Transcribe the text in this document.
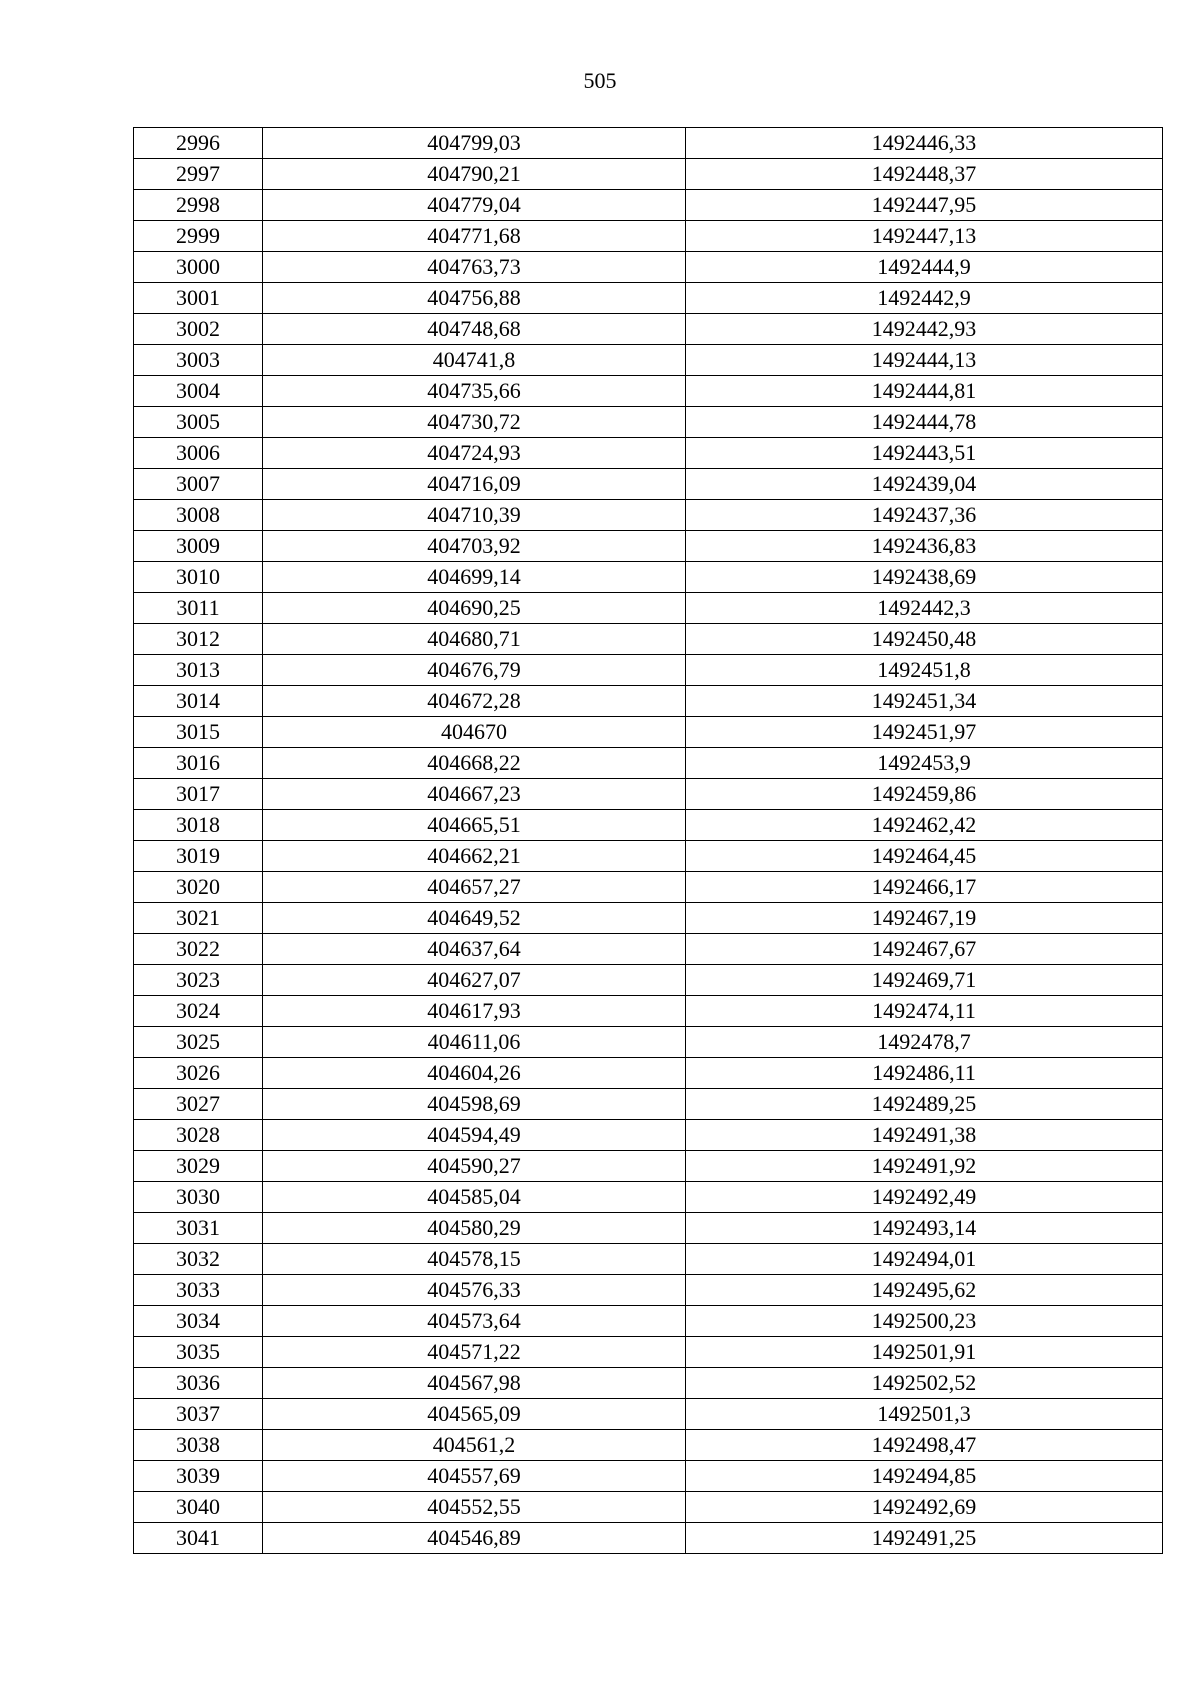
505
2996	404799,03	1492446,33
2997	404790,21	1492448,37
2998	404779,04	1492447,95
2999	404771,68	1492447,13
3000	404763,73	1492444,9
3001	404756,88	1492442,9
3002	404748,68	1492442,93
3003	404741,8	1492444,13
3004	404735,66	1492444,81
3005	404730,72	1492444,78
3006	404724,93	1492443,51
3007	404716,09	1492439,04
3008	404710,39	1492437,36
3009	404703,92	1492436,83
3010	404699,14	1492438,69
3011	404690,25	1492442,3
3012	404680,71	1492450,48
3013	404676,79	1492451,8
3014	404672,28	1492451,34
3015	404670	1492451,97
3016	404668,22	1492453,9
3017	404667,23	1492459,86
3018	404665,51	1492462,42
3019	404662,21	1492464,45
3020	404657,27	1492466,17
3021	404649,52	1492467,19
3022	404637,64	1492467,67
3023	404627,07	1492469,71
3024	404617,93	1492474,11
3025	404611,06	1492478,7
3026	404604,26	1492486,11
3027	404598,69	1492489,25
3028	404594,49	1492491,38
3029	404590,27	1492491,92
3030	404585,04	1492492,49
3031	404580,29	1492493,14
3032	404578,15	1492494,01
3033	404576,33	1492495,62
3034	404573,64	1492500,23
3035	404571,22	1492501,91
3036	404567,98	1492502,52
3037	404565,09	1492501,3
3038	404561,2	1492498,47
3039	404557,69	1492494,85
3040	404552,55	1492492,69
3041	404546,89	1492491,25
